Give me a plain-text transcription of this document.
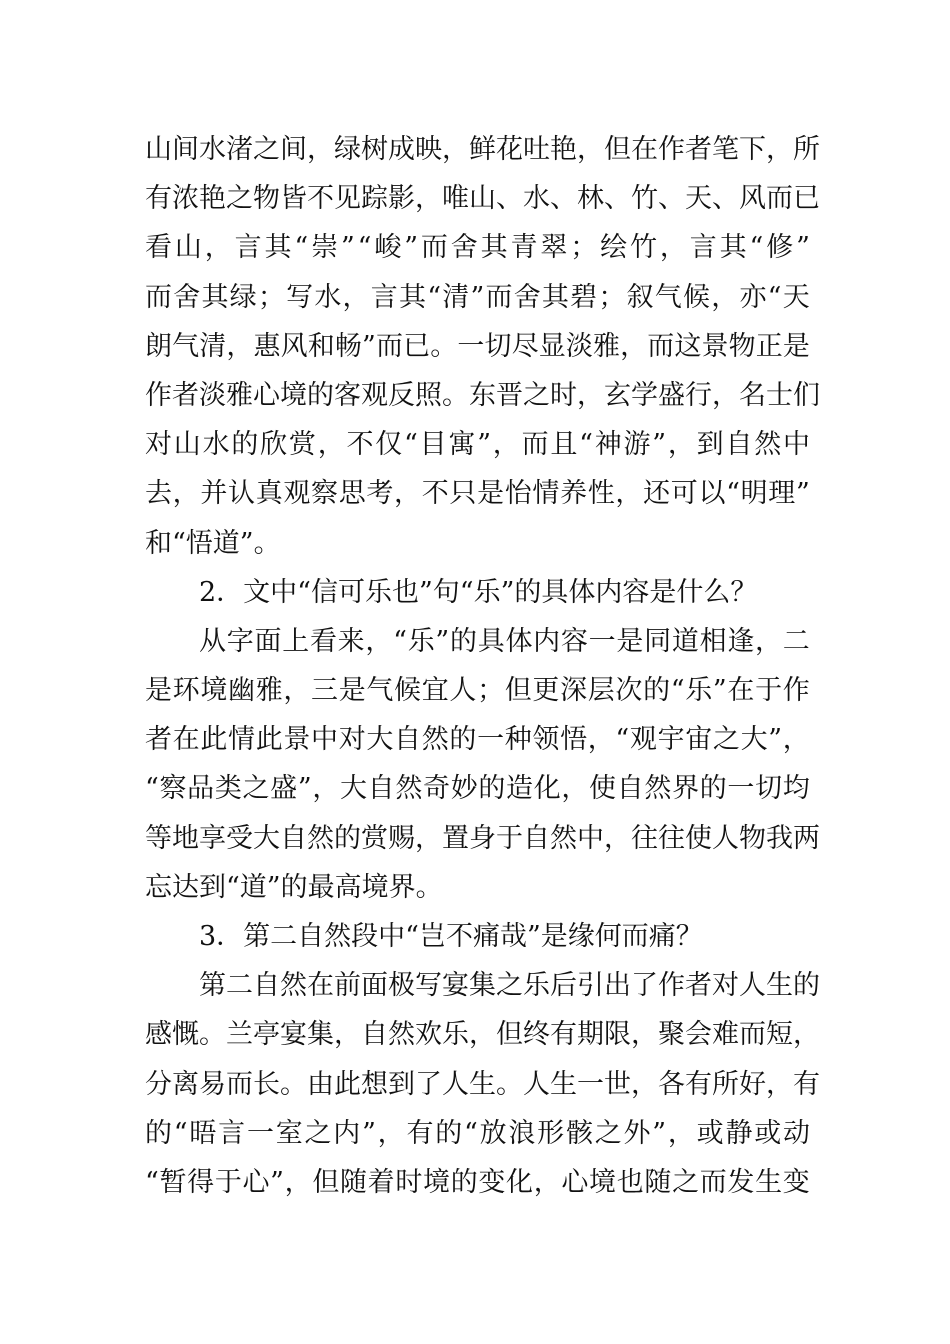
山 间 水 渚 之 间 ， 绿 树 成 映 ， 鲜 花 吐 艳 ， 但 在 作 者 笔 下 ， 所
有 浓 艳 之 物 皆 不 见 踪 影 ， 唯 山 、 水 、 林 、 竹 、 天 、 风 而 已
看 山 ， 言 其 “ 崇 ” “ 峻 ” 而 舍 其 青 翠 ； 绘 竹 ， 言 其 “ 修 ”
而 舍 其 绿 ； 写 水 ， 言 其 “ 清 ” 而 舍 其 碧 ； 叙 气 候 ， 亦 “ 天
朗 气 清 ， 惠 风 和 畅 ” 而 已 。 一 切 尽 显 淡 雅 ， 而 这 景 物 正 是
作 者 淡 雅 心 境 的 客 观 反 照 。 东 晋 之 时 ， 玄 学 盛 行 ， 名 士 们
对 山 水 的 欣 赏 ， 不 仅 “ 目 寓 ” ， 而 且 “ 神 游 ” ， 到 自 然 中
去 ， 并 认 真 观 察 思 考 ， 不 只 是 怡 情 养 性 ， 还 可 以 “ 明 理 ”
和“悟道”。
2．文中“信可乐也”句“乐”的具体内容是什么？
从 字 面 上 看 来 ， “ 乐 ” 的 具 体 内 容 一 是 同 道 相 逢 ， 二
是 环 境 幽 雅 ， 三 是 气 候 宜 人 ； 但 更 深 层 次 的 “ 乐 ” 在 于 作
者 在 此 情 此 景 中 对 大 自 然 的 一 种 领 悟 ， “ 观 宇 宙 之 大 ” ，
“ 察 品 类 之 盛 ” ， 大 自 然 奇 妙 的 造 化 ， 使 自 然 界 的 一 切 均
等 地 享 受 大 自 然 的 赏 赐 ， 置 身 于 自 然 中 ， 往 往 使 人 物 我 两
忘达到“道”的最高境界。
3．第二自然段中“岂不痛哉”是缘何而痛？
第 二 自 然 在 前 面 极 写 宴 集 之 乐 后 引 出 了 作 者 对 人 生 的
感 慨 。 兰 亭 宴 集 ， 自 然 欢 乐 ， 但 终 有 期 限 ， 聚 会 难 而 短 ，
分 离 易 而 长 。 由 此 想 到 了 人 生 。 人 生 一 世 ， 各 有 所 好 ， 有
的 “ 晤 言 一 室 之 内 ” ， 有 的 “ 放 浪 形 骸 之 外 ” ， 或 静 或 动
“ 暂 得 于 心 ” ， 但 随 着 时 境 的 变 化 ， 心 境 也 随 之 而 发 生 变
